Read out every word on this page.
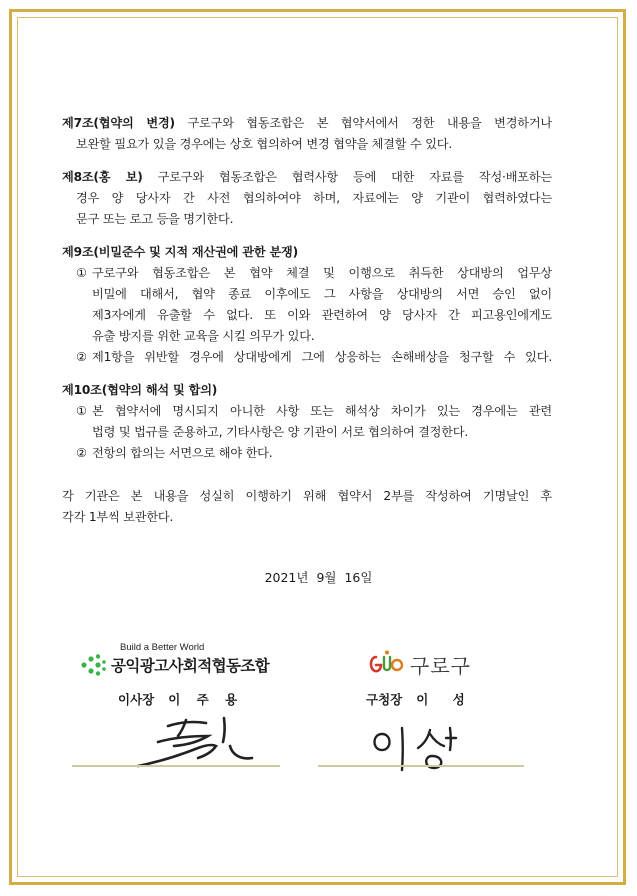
제7조(협약의 변경) 구로구와 협동조합은 본 협약서에서 정한 내용을 변경하거나
보완할 필요가 있을 경우에는 상호 협의하여 변경 협약을 체결할 수 있다.
제8조(홍 보) 구로구와 협동조합은 협력사항 등에 대한 자료를 작성·배포하는
경우 양 당사자 간 사전 협의하여야 하며, 자료에는 양 기관이 협력하였다는
문구 또는 로고 등을 명기한다.
제9조(비밀준수 및 지적 재산권에 관한 분쟁)
① 구로구와 협동조합은 본 협약 체결 및 이행으로 취득한 상대방의 업무상
비밀에 대해서, 협약 종료 이후에도 그 사항을 상대방의 서면 승인 없이
제3자에게 유출할 수 없다. 또 이와 관련하여 양 당사자 간 피고용인에게도
유출 방지를 위한 교육을 시킬 의무가 있다.
② 제1항을 위반할 경우에 상대방에게 그에 상응하는 손해배상을 청구할 수 있다.
제10조(협약의 해석 및 합의)
① 본 협약서에 명시되지 아니한 사항 또는 해석상 차이가 있는 경우에는 관련
법령 및 법규를 준용하고, 기타사항은 양 기관이 서로 협의하여 결정한다.
② 전항의 합의는 서면으로 해야 한다.
각 기관은 본 내용을 성실히 이행하기 위해 협약서 2부를 작성하여 기명날인 후
각각 1부씩 보관한다.
2021년 9월 16일
Build a Better World
공익광고사회적협동조합
이사장 이 주 용
구로구
구청장 이 성
